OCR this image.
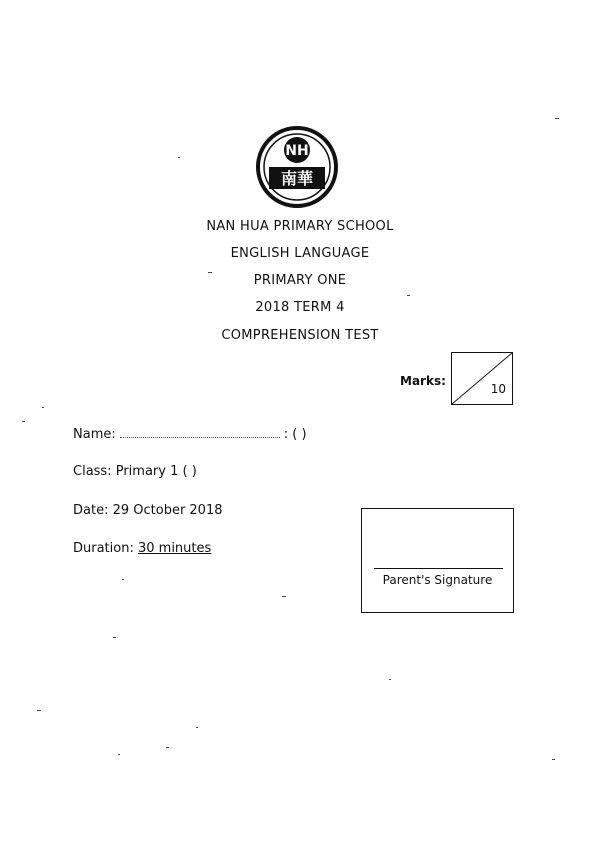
NH
南華
NAN HUA PRIMARY SCHOOL
ENGLISH LANGUAGE
PRIMARY ONE
2018 TERM 4
COMPREHENSION TEST
Marks:
10
Name:	: ( )
Class: Primary 1 ( )
Date: 29 October 2018
Duration: 30 minutes
Parent's Signature
